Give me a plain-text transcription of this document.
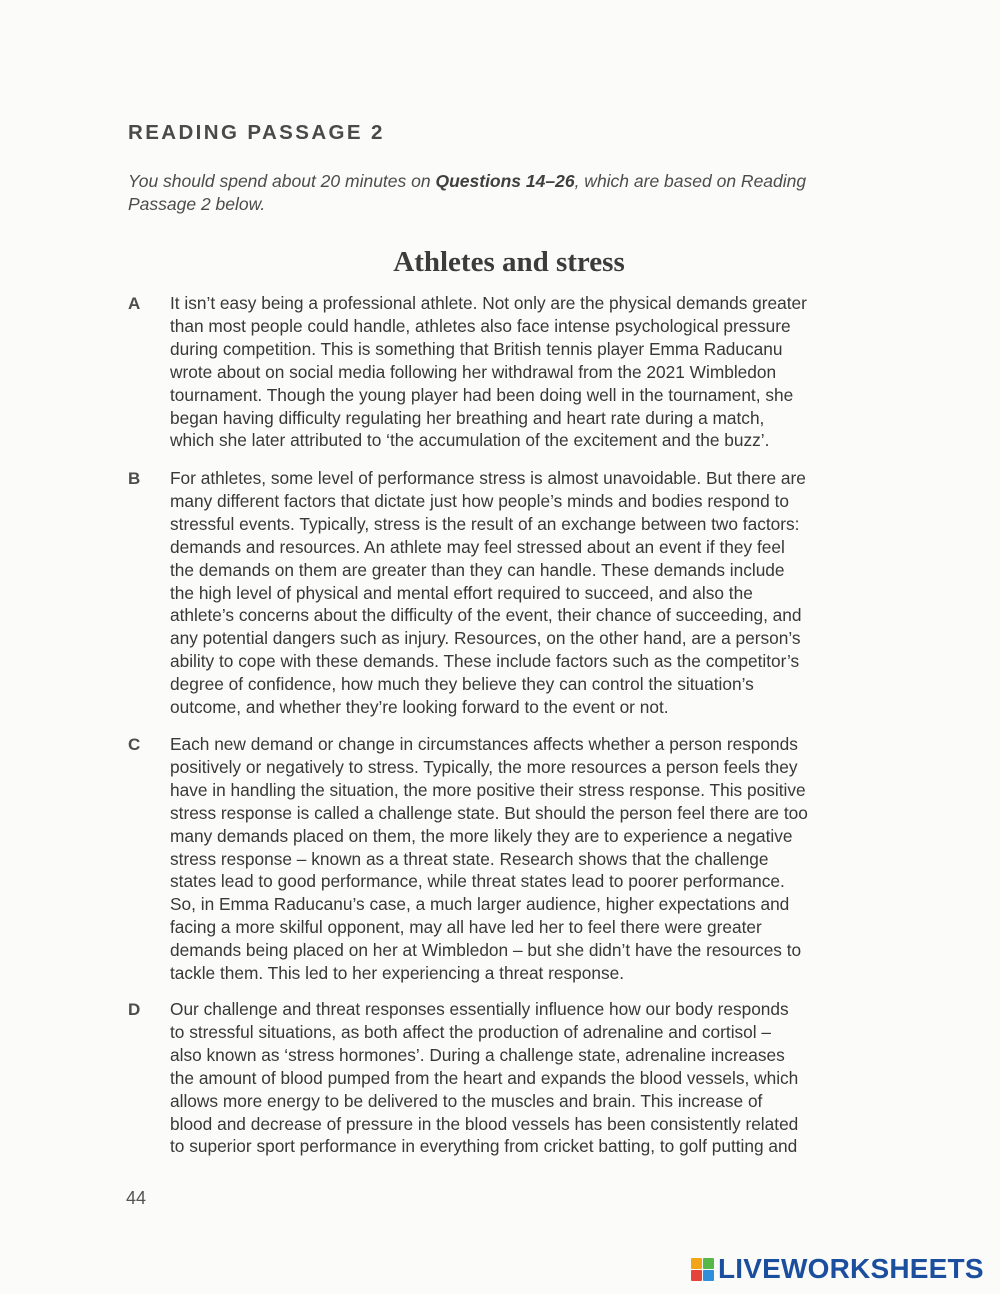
READING PASSAGE 2

You should spend about 20 minutes on Questions 14–26, which are based on Reading
Passage 2 below.

Athletes and stress
A It isn’t easy being a professional athlete. Not only are the physical demands greater
than most people could handle, athletes also face intense psychological pressure
during competition. This is something that British tennis player Emma Raducanu
wrote about on social media following her withdrawal from the 2021 Wimbledon
tournament. Though the young player had been doing well in the tournament, she
began having difficulty regulating her breathing and heart rate during a match,
which she later attributed to ‘the accumulation of the excitement and the buzz’.
B For athletes, some level of performance stress is almost unavoidable. But there are
many different factors that dictate just how people’s minds and bodies respond to
stressful events. Typically, stress is the result of an exchange between two factors:
demands and resources. An athlete may feel stressed about an event if they feel
the demands on them are greater than they can handle. These demands include
the high level of physical and mental effort required to succeed, and also the
athlete’s concerns about the difficulty of the event, their chance of succeeding, and
any potential dangers such as injury. Resources, on the other hand, are a person’s
ability to cope with these demands. These include factors such as the competitor’s
degree of confidence, how much they believe they can control the situation’s
outcome, and whether they’re looking forward to the event or not.
C Each new demand or change in circumstances affects whether a person responds
positively or negatively to stress. Typically, the more resources a person feels they
have in handling the situation, the more positive their stress response. This positive
stress response is called a challenge state. But should the person feel there are too
many demands placed on them, the more likely they are to experience a negative
stress response – known as a threat state. Research shows that the challenge
states lead to good performance, while threat states lead to poorer performance.
So, in Emma Raducanu’s case, a much larger audience, higher expectations and
facing a more skilful opponent, may all have led her to feel there were greater
demands being placed on her at Wimbledon – but she didn’t have the resources to
tackle them. This led to her experiencing a threat response.
D Our challenge and threat responses essentially influence how our body responds
to stressful situations, as both affect the production of adrenaline and cortisol –
also known as ‘stress hormones’. During a challenge state, adrenaline increases
the amount of blood pumped from the heart and expands the blood vessels, which
allows more energy to be delivered to the muscles and brain. This increase of
blood and decrease of pressure in the blood vessels has been consistently related
to superior sport performance in everything from cricket batting, to golf putting and

44

LIVEWORKSHEETS
